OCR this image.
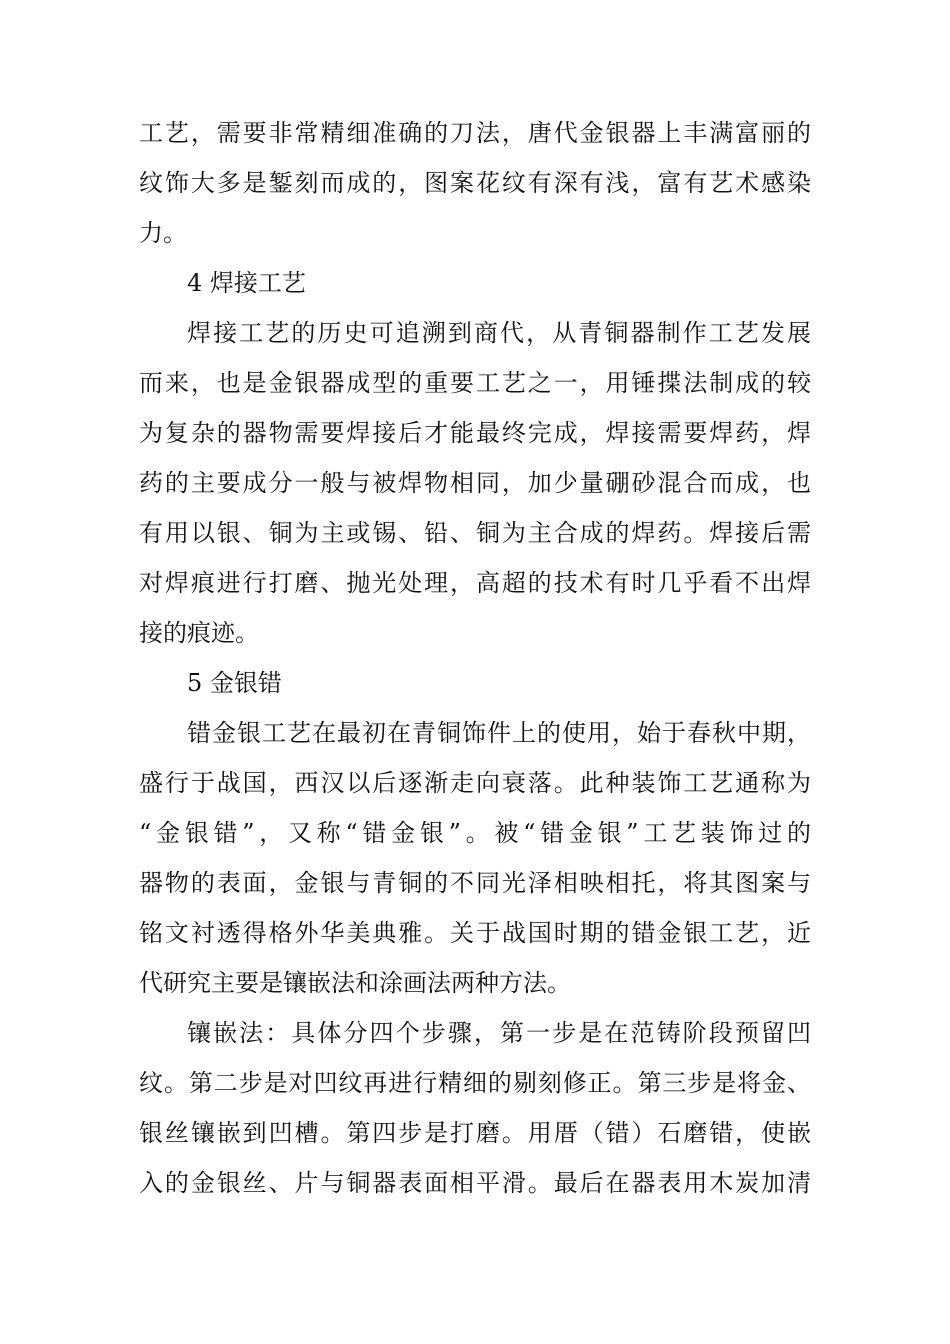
工艺，需要非常精细准确的刀法，唐代金银器上丰满富丽的
纹饰大多是錾刻而成的，图案花纹有深有浅，富有艺术感染
力。
4 焊接工艺
焊接工艺的历史可追溯到商代，从青铜器制作工艺发展
而来，也是金银器成型的重要工艺之一，用锤揲法制成的较
为复杂的器物需要焊接后才能最终完成，焊接需要焊药，焊
药的主要成分一般与被焊物相同，加少量硼砂混合而成，也
有用以银、铜为主或锡、铅、铜为主合成的焊药。焊接后需
对焊痕进行打磨、抛光处理，高超的技术有时几乎看不出焊
接的痕迹。
5 金银错
错金银工艺在最初在青铜饰件上的使用，始于春秋中期，
盛行于战国，西汉以后逐渐走向衰落。此种装饰工艺通称为
“金银错”，又称“错金银”。被“错金银”工艺装饰过的
器物的表面，金银与青铜的不同光泽相映相托，将其图案与
铭文衬透得格外华美典雅。关于战国时期的错金银工艺，近
代研究主要是镶嵌法和涂画法两种方法。
镶嵌法：具体分四个步骤，第一步是在范铸阶段预留凹
纹。第二步是对凹纹再进行精细的剔刻修正。第三步是将金、
银丝镶嵌到凹槽。第四步是打磨。用厝（错）石磨错，使嵌
入的金银丝、片与铜器表面相平滑。最后在器表用木炭加清
